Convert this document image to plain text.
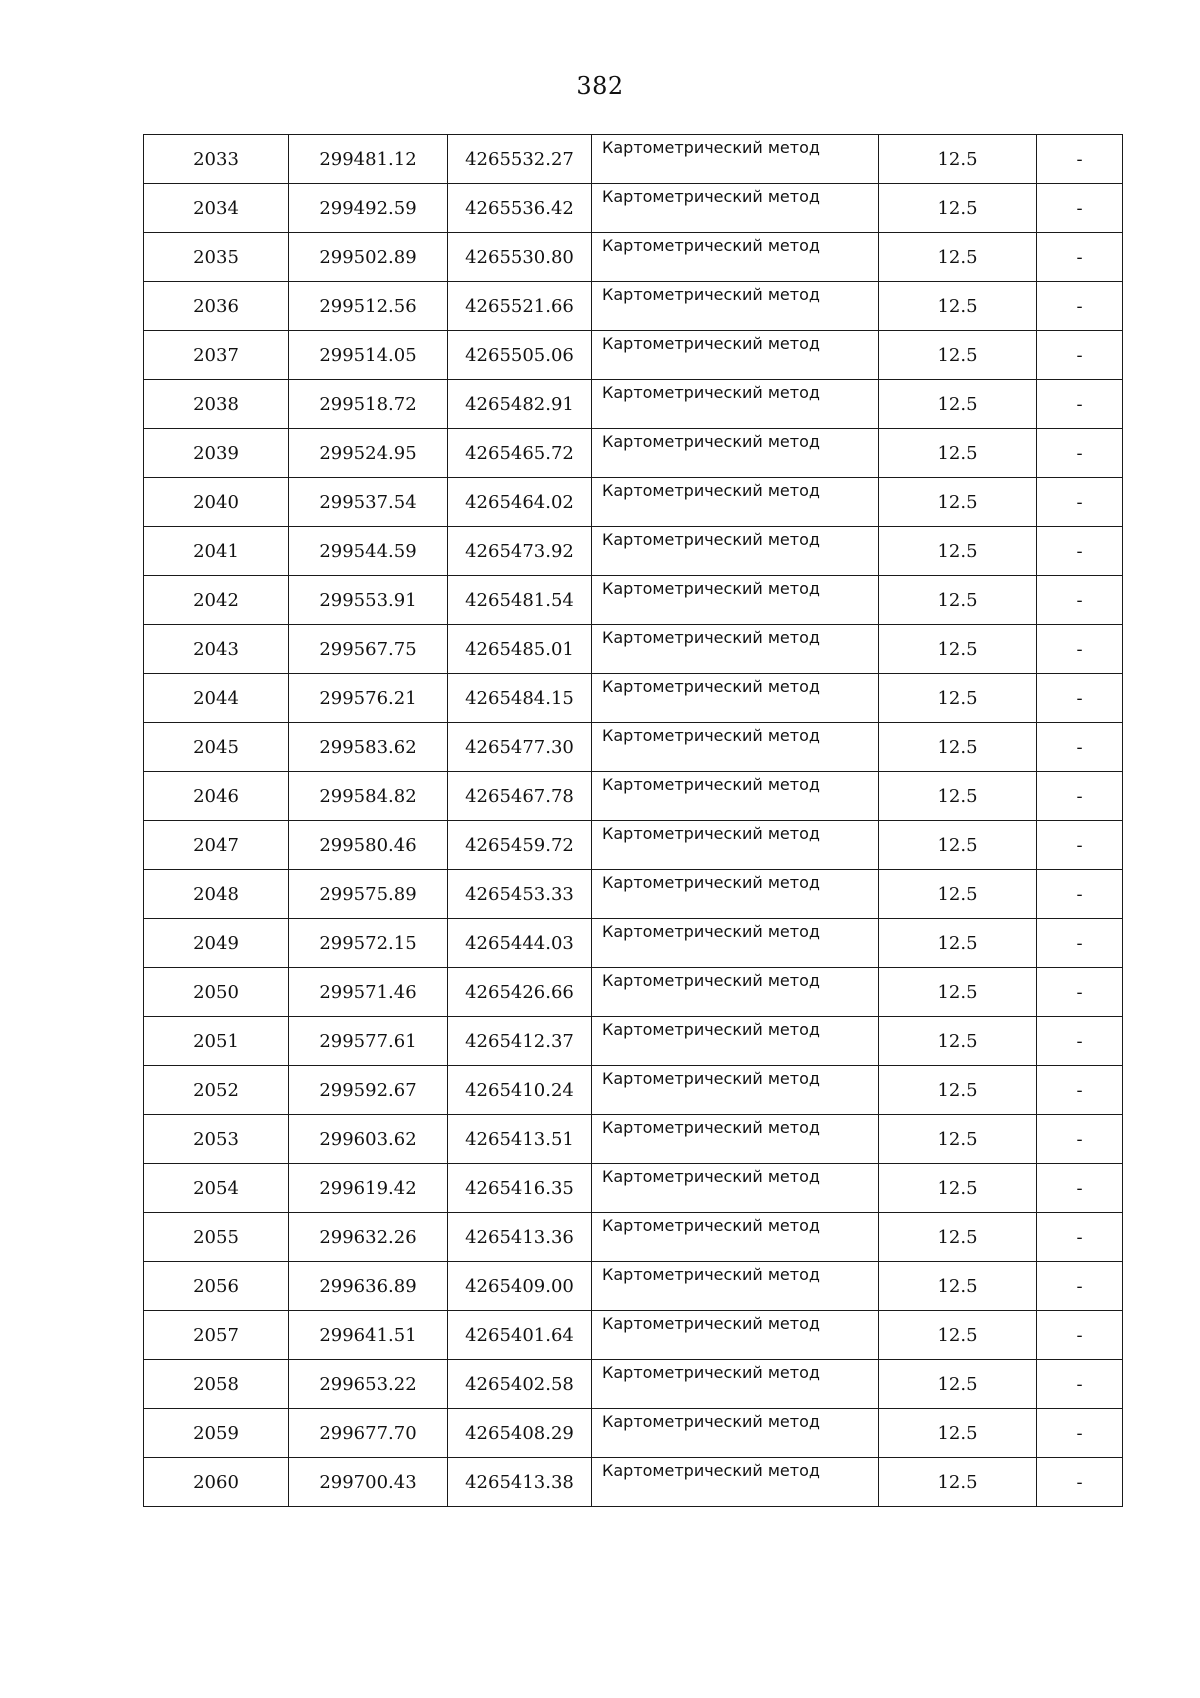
382
2033	299481.12	4265532.27	Картометрический метод	12.5	-
2034	299492.59	4265536.42	Картометрический метод	12.5	-
2035	299502.89	4265530.80	Картометрический метод	12.5	-
2036	299512.56	4265521.66	Картометрический метод	12.5	-
2037	299514.05	4265505.06	Картометрический метод	12.5	-
2038	299518.72	4265482.91	Картометрический метод	12.5	-
2039	299524.95	4265465.72	Картометрический метод	12.5	-
2040	299537.54	4265464.02	Картометрический метод	12.5	-
2041	299544.59	4265473.92	Картометрический метод	12.5	-
2042	299553.91	4265481.54	Картометрический метод	12.5	-
2043	299567.75	4265485.01	Картометрический метод	12.5	-
2044	299576.21	4265484.15	Картометрический метод	12.5	-
2045	299583.62	4265477.30	Картометрический метод	12.5	-
2046	299584.82	4265467.78	Картометрический метод	12.5	-
2047	299580.46	4265459.72	Картометрический метод	12.5	-
2048	299575.89	4265453.33	Картометрический метод	12.5	-
2049	299572.15	4265444.03	Картометрический метод	12.5	-
2050	299571.46	4265426.66	Картометрический метод	12.5	-
2051	299577.61	4265412.37	Картометрический метод	12.5	-
2052	299592.67	4265410.24	Картометрический метод	12.5	-
2053	299603.62	4265413.51	Картометрический метод	12.5	-
2054	299619.42	4265416.35	Картометрический метод	12.5	-
2055	299632.26	4265413.36	Картометрический метод	12.5	-
2056	299636.89	4265409.00	Картометрический метод	12.5	-
2057	299641.51	4265401.64	Картометрический метод	12.5	-
2058	299653.22	4265402.58	Картометрический метод	12.5	-
2059	299677.70	4265408.29	Картометрический метод	12.5	-
2060	299700.43	4265413.38	Картометрический метод	12.5	-
